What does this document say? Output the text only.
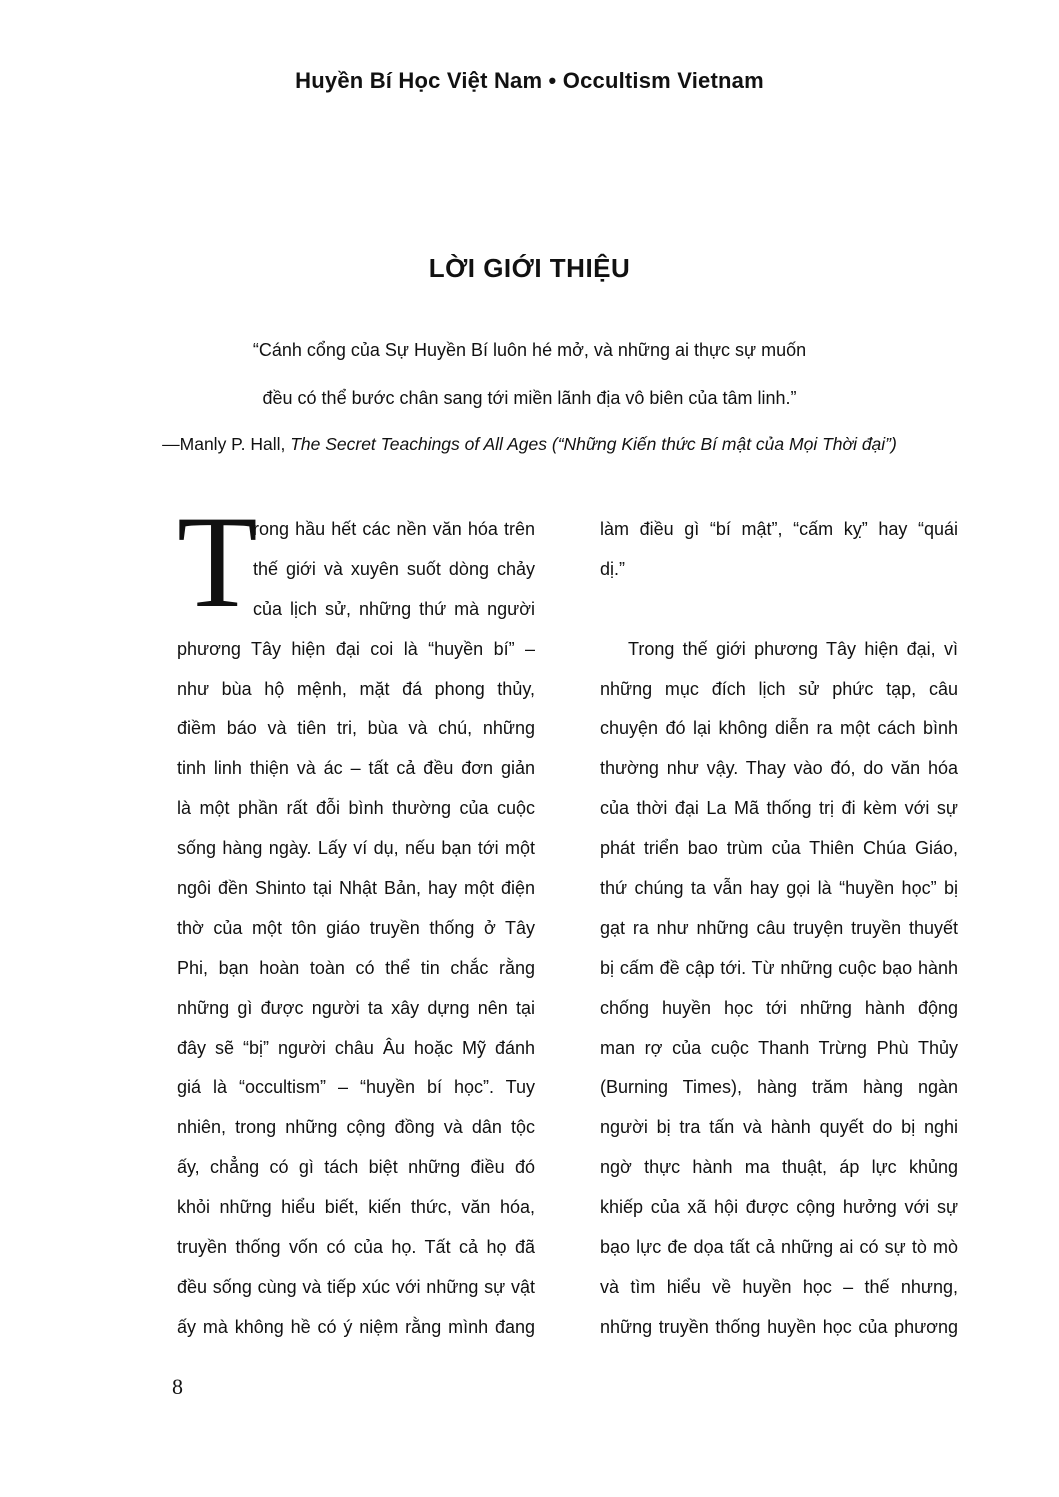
Huyền Bí Học Việt Nam • Occultism Vietnam
LỜI GIỚI THIỆU
“Cánh cổng của Sự Huyền Bí luôn hé mở, và những ai thực sự muốn
đều có thể bước chân sang tới miền lãnh địa vô biên của tâm linh.”
—Manly P. Hall, The Secret Teachings of All Ages (“Những Kiến thức Bí mật của Mọi Thời đại”)
T
rong hầu hết các nền văn hóa trên
thế giới và xuyên suốt dòng chảy
của lịch sử, những thứ mà người
phương Tây hiện đại coi là “huyền bí” –
như bùa hộ mệnh, mặt đá phong thủy,
điềm báo và tiên tri, bùa và chú, những
tinh linh thiện và ác – tất cả đều đơn giản
là một phần rất đỗi bình thường của cuộc
sống hàng ngày. Lấy ví dụ, nếu bạn tới một
ngôi đền Shinto tại Nhật Bản, hay một điện
thờ của một tôn giáo truyền thống ở Tây
Phi, bạn hoàn toàn có thể tin chắc rằng
những gì được người ta xây dựng nên tại
đây sẽ “bị” người châu Âu hoặc Mỹ đánh
giá là “occultism” – “huyền bí học”. Tuy
nhiên, trong những cộng đồng và dân tộc
ấy, chẳng có gì tách biệt những điều đó
khỏi những hiểu biết, kiến thức, văn hóa,
truyền thống vốn có của họ. Tất cả họ đã
đều sống cùng và tiếp xúc với những sự vật
ấy mà không hề có ý niệm rằng mình đang
làm điều gì “bí mật”, “cấm kỵ” hay “quái
dị.”
Trong thế giới phương Tây hiện đại, vì
những mục đích lịch sử phức tạp, câu
chuyện đó lại không diễn ra một cách bình
thường như vậy. Thay vào đó, do văn hóa
của thời đại La Mã thống trị đi kèm với sự
phát triển bao trùm của Thiên Chúa Giáo,
thứ chúng ta vẫn hay gọi là “huyền học” bị
gạt ra như những câu truyện truyền thuyết
bị cấm đề cập tới. Từ những cuộc bạo hành
chống huyền học tới những hành động
man rợ của cuộc Thanh Trừng Phù Thủy
(Burning Times), hàng trăm hàng ngàn
người bị tra tấn và hành quyết do bị nghi
ngờ thực hành ma thuật, áp lực khủng
khiếp của xã hội được cộng hưởng với sự
bạo lực đe dọa tất cả những ai có sự tò mò
và tìm hiểu về huyền học – thế nhưng,
những truyền thống huyền học của phương
8
